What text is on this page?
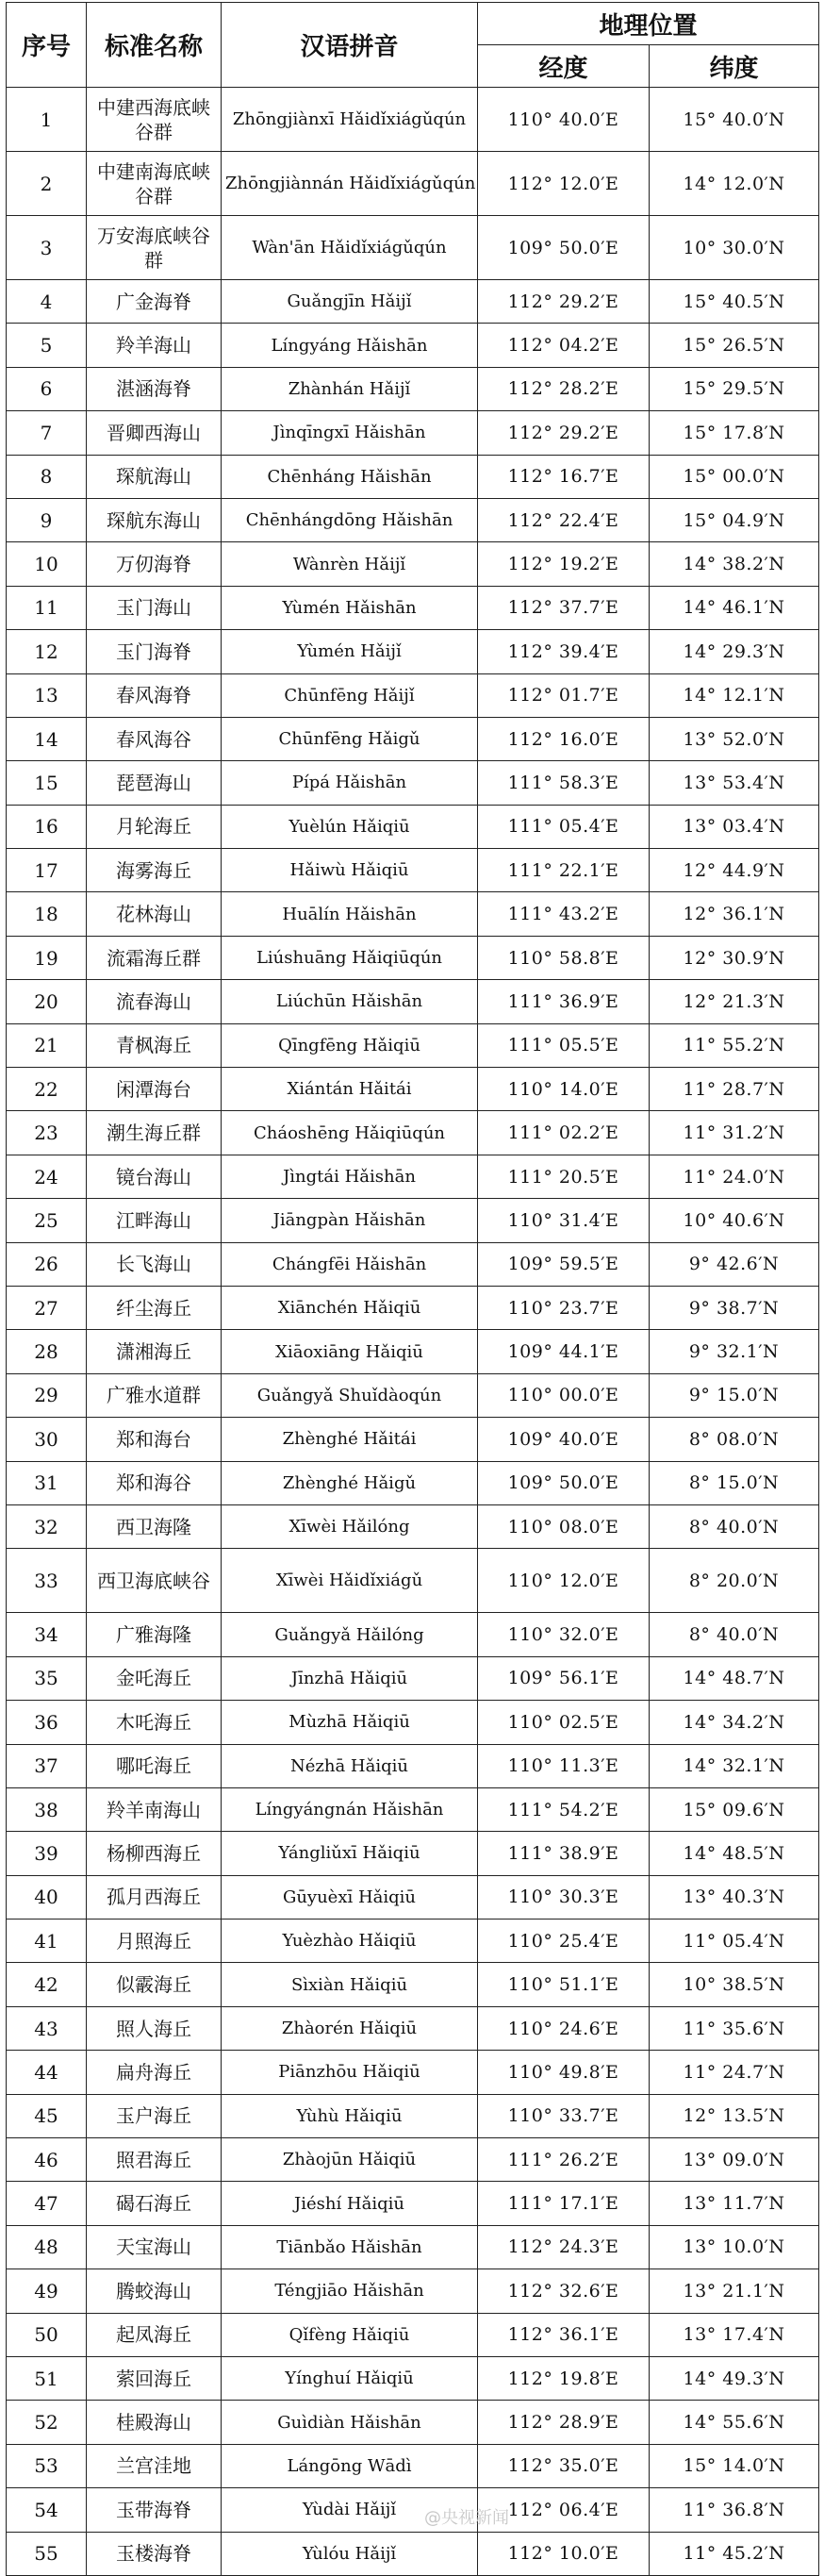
序号	标准名称	汉语拼音	地理位置	
			经度	纬度
1	中建西海底峡谷群	Zhōngjiànxī Hǎidǐxiágǔqún	110° 40.0′E	15° 40.0′N
2	中建南海底峡谷群	Zhōngjiànnán Hǎidǐxiágǔqún	112° 12.0′E	14° 12.0′N
3	万安海底峡谷群	Wàn'ān Hǎidǐxiágǔqún	109° 50.0′E	10° 30.0′N
4	广金海脊	Guǎngjīn Hǎijǐ	112° 29.2′E	15° 40.5′N
5	羚羊海山	Língyáng Hǎishān	112° 04.2′E	15° 26.5′N
6	湛涵海脊	Zhànhán Hǎijǐ	112° 28.2′E	15° 29.5′N
7	晋卿西海山	Jìnqīngxī Hǎishān	112° 29.2′E	15° 17.8′N
8	琛航海山	Chēnháng Hǎishān	112° 16.7′E	15° 00.0′N
9	琛航东海山	Chēnhángdōng Hǎishān	112° 22.4′E	15° 04.9′N
10	万仞海脊	Wànrèn Hǎijǐ	112° 19.2′E	14° 38.2′N
11	玉门海山	Yùmén Hǎishān	112° 37.7′E	14° 46.1′N
12	玉门海脊	Yùmén Hǎijǐ	112° 39.4′E	14° 29.3′N
13	春风海脊	Chūnfēng Hǎijǐ	112° 01.7′E	14° 12.1′N
14	春风海谷	Chūnfēng Hǎigǔ	112° 16.0′E	13° 52.0′N
15	琵琶海山	Pípá Hǎishān	111° 58.3′E	13° 53.4′N
16	月轮海丘	Yuèlún Hǎiqiū	111° 05.4′E	13° 03.4′N
17	海雾海丘	Hǎiwù Hǎiqiū	111° 22.1′E	12° 44.9′N
18	花林海山	Huālín Hǎishān	111° 43.2′E	12° 36.1′N
19	流霜海丘群	Liúshuāng Hǎiqiūqún	110° 58.8′E	12° 30.9′N
20	流春海山	Liúchūn Hǎishān	111° 36.9′E	12° 21.3′N
21	青枫海丘	Qīngfēng Hǎiqiū	111° 05.5′E	11° 55.2′N
22	闲潭海台	Xiántán Hǎitái	110° 14.0′E	11° 28.7′N
23	潮生海丘群	Cháoshēng Hǎiqiūqún	111° 02.2′E	11° 31.2′N
24	镜台海山	Jìngtái Hǎishān	111° 20.5′E	11° 24.0′N
25	江畔海山	Jiāngpàn Hǎishān	110° 31.4′E	10° 40.6′N
26	长飞海山	Chángfēi Hǎishān	109° 59.5′E	9° 42.6′N
27	纤尘海丘	Xiānchén Hǎiqiū	110° 23.7′E	9° 38.7′N
28	潇湘海丘	Xiāoxiāng Hǎiqiū	109° 44.1′E	9° 32.1′N
29	广雅水道群	Guǎngyǎ Shuǐdàoqún	110° 00.0′E	9° 15.0′N
30	郑和海台	Zhènghé Hǎitái	109° 40.0′E	8° 08.0′N
31	郑和海谷	Zhènghé Hǎigǔ	109° 50.0′E	8° 15.0′N
32	西卫海隆	Xīwèi Hǎilóng	110° 08.0′E	8° 40.0′N
33	西卫海底峡谷	Xīwèi Hǎidǐxiágǔ	110° 12.0′E	8° 20.0′N
34	广雅海隆	Guǎngyǎ Hǎilóng	110° 32.0′E	8° 40.0′N
35	金吒海丘	Jīnzhā Hǎiqiū	109° 56.1′E	14° 48.7′N
36	木吒海丘	Mùzhā Hǎiqiū	110° 02.5′E	14° 34.2′N
37	哪吒海丘	Nézhā Hǎiqiū	110° 11.3′E	14° 32.1′N
38	羚羊南海山	Língyángnán Hǎishān	111° 54.2′E	15° 09.6′N
39	杨柳西海丘	Yángliǔxī Hǎiqiū	111° 38.9′E	14° 48.5′N
40	孤月西海丘	Gūyuèxī Hǎiqiū	110° 30.3′E	13° 40.3′N
41	月照海丘	Yuèzhào Hǎiqiū	110° 25.4′E	11° 05.4′N
42	似霰海丘	Sìxiàn Hǎiqiū	110° 51.1′E	10° 38.5′N
43	照人海丘	Zhàorén Hǎiqiū	110° 24.6′E	11° 35.6′N
44	扁舟海丘	Piānzhōu Hǎiqiū	110° 49.8′E	11° 24.7′N
45	玉户海丘	Yùhù Hǎiqiū	110° 33.7′E	12° 13.5′N
46	照君海丘	Zhàojūn Hǎiqiū	111° 26.2′E	13° 09.0′N
47	碣石海丘	Jiéshí Hǎiqiū	111° 17.1′E	13° 11.7′N
48	天宝海山	Tiānbǎo Hǎishān	112° 24.3′E	13° 10.0′N
49	腾蛟海山	Téngjiāo Hǎishān	112° 32.6′E	13° 21.1′N
50	起凤海丘	Qǐfèng Hǎiqiū	112° 36.1′E	13° 17.4′N
51	萦回海丘	Yínghuí Hǎiqiū	112° 19.8′E	14° 49.3′N
52	桂殿海山	Guìdiàn Hǎishān	112° 28.9′E	14° 55.6′N
53	兰宫洼地	Lángōng Wādì	112° 35.0′E	15° 14.0′N
54	玉带海脊	Yùdài Hǎijǐ	112° 06.4′E	11° 36.8′N
55	玉楼海脊	Yùlóu Hǎijǐ	112° 10.0′E	11° 45.2′N
@央视新闻
